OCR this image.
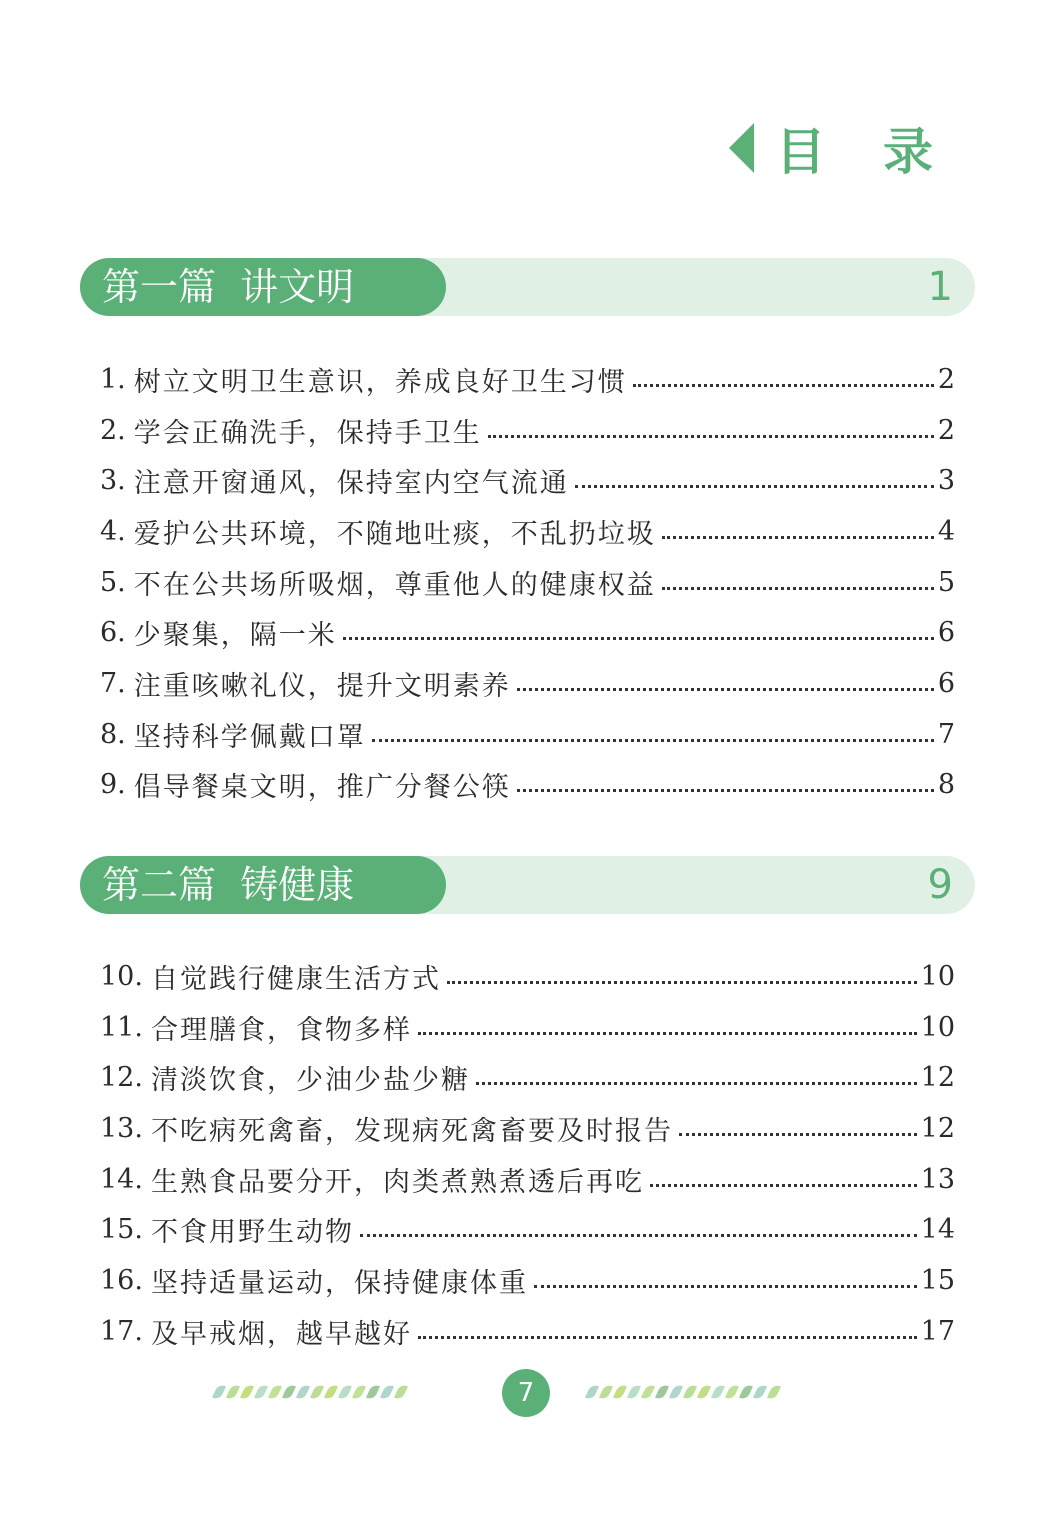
目 录
第一篇  讲文明	1
1. 树立文明卫生意识，养成良好卫生习惯	2
2. 学会正确洗手，保持手卫生	2
3. 注意开窗通风，保持室内空气流通	3
4. 爱护公共环境，不随地吐痰，不乱扔垃圾	4
5. 不在公共场所吸烟，尊重他人的健康权益	5
6. 少聚集，隔一米	6
7. 注重咳嗽礼仪，提升文明素养	6
8. 坚持科学佩戴口罩	7
9. 倡导餐桌文明，推广分餐公筷	8
第二篇  铸健康	9
10. 自觉践行健康生活方式	10
11. 合理膳食，食物多样	10
12. 清淡饮食，少油少盐少糖	12
13. 不吃病死禽畜，发现病死禽畜要及时报告	12
14. 生熟食品要分开，肉类煮熟煮透后再吃	13
15. 不食用野生动物	14
16. 坚持适量运动，保持健康体重	15
17. 及早戒烟，越早越好	17
7
